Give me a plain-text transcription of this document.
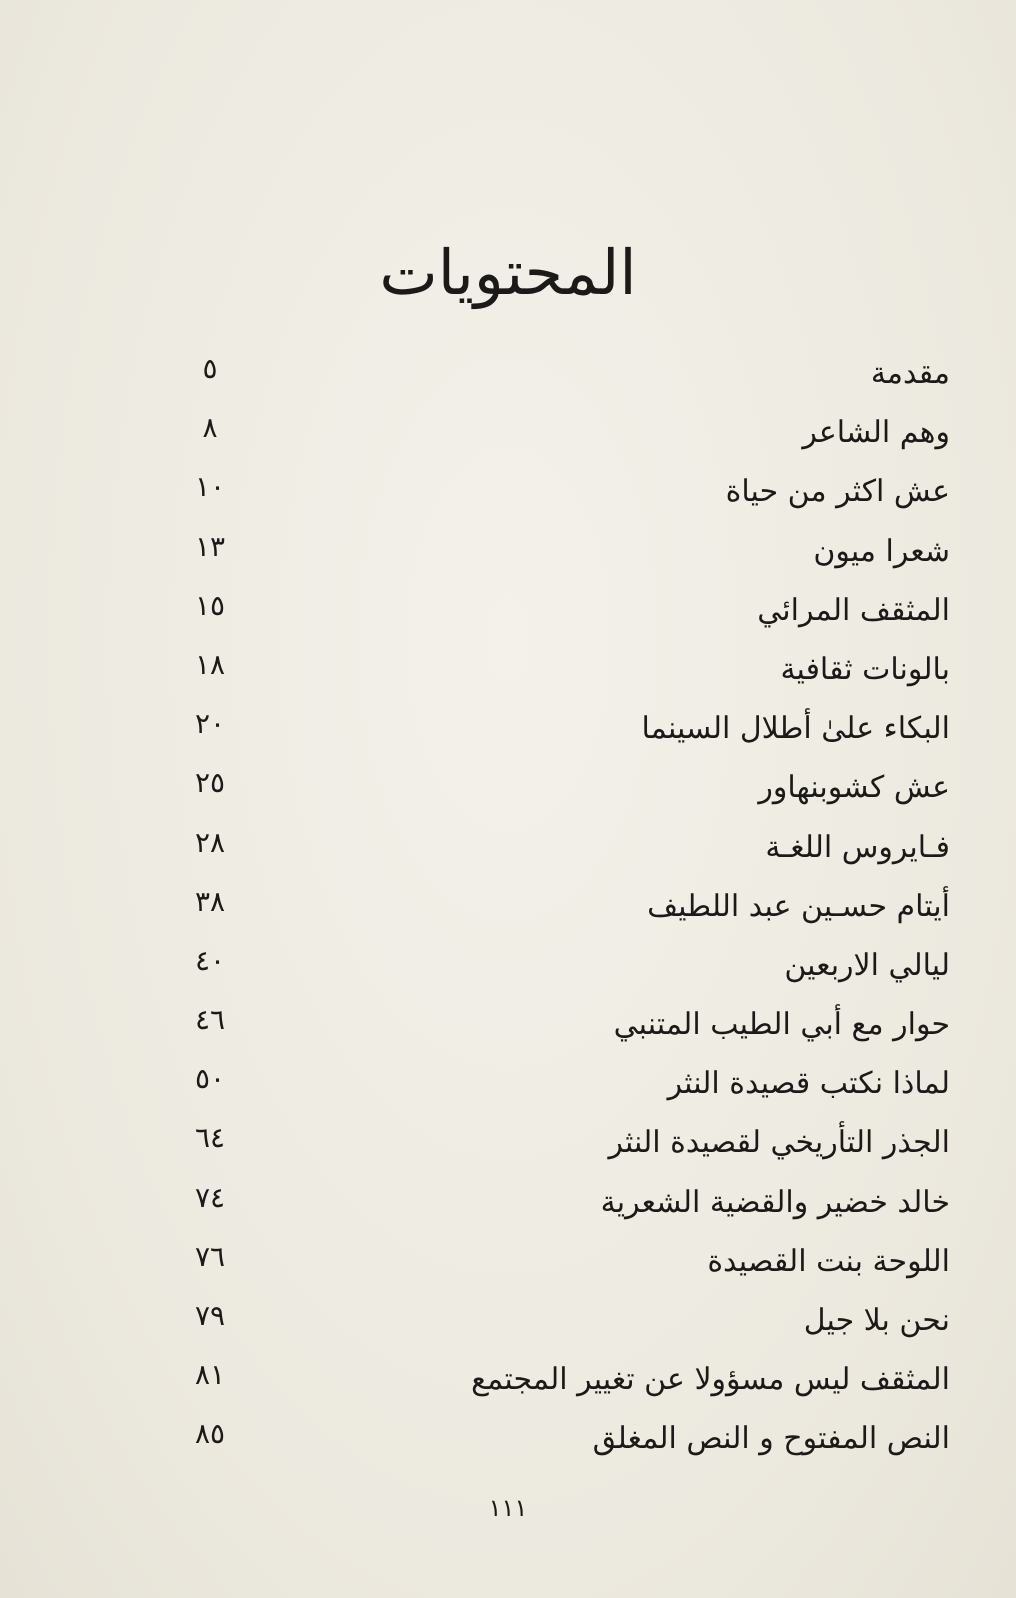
المحتويات
مقدمة
٥
وهم الشاعر
٨
عش اكثر من حياة
١٠
شعرا ميون
١٣
المثقف المرائي
١٥
بالونات ثقافية
١٨
البكاء علىٰ أطلال السينما
٢٠
عش كشوبنهاور
٢٥
فـايروس اللغـة
٢٨
أيتام حسـين عبد اللطيف
٣٨
ليالي الاربعين
٤٠
حوار مع أبي الطيب المتنبي
٤٦
لماذا نكتب قصيدة النثر
٥٠
الجذر التأريخي لقصيدة النثر
٦٤
خالد خضير والقضية الشعرية
٧٤
اللوحة بنت القصيدة
٧٦
نحن بلا جيل
٧٩
المثقف ليس مسؤولا عن تغيير المجتمع
٨١
النص المفتوح و النص المغلق
٨٥
١١١
